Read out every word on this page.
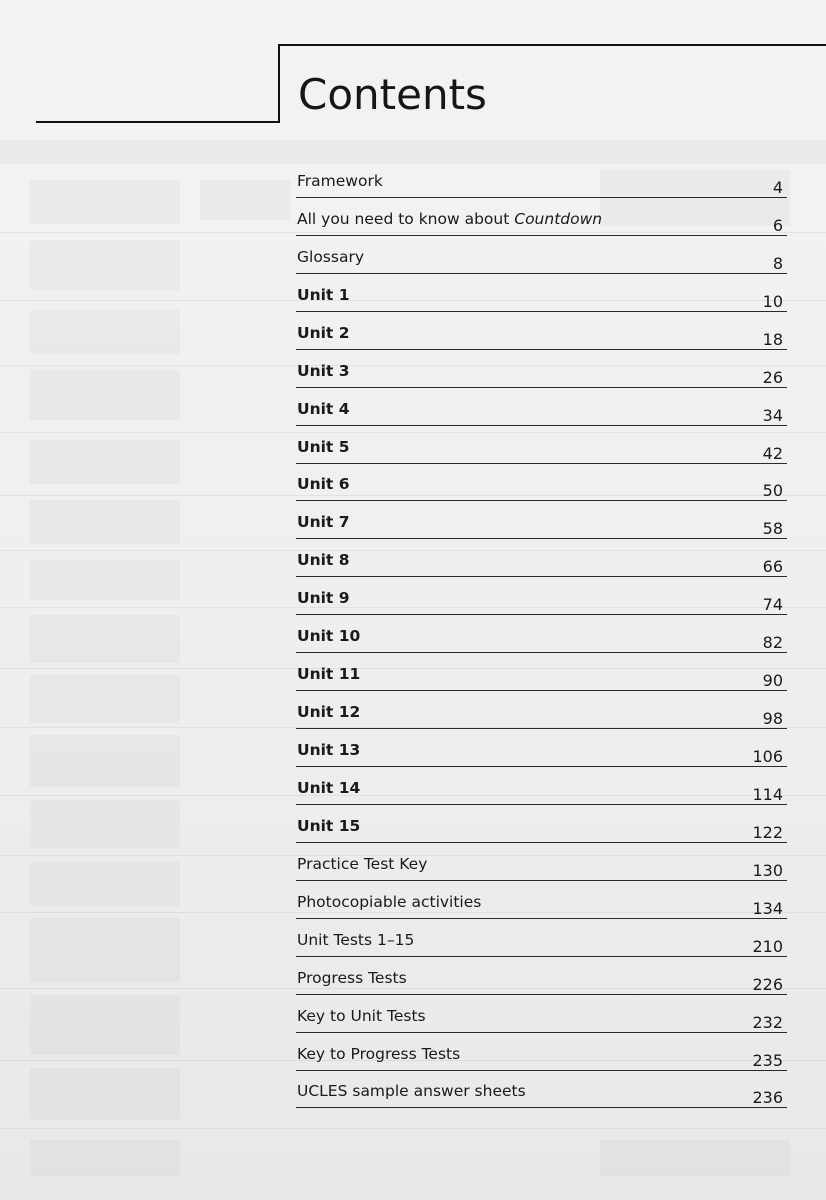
Contents
Framework	4
All you need to know about Countdown	6
Glossary	8
Unit 1	10
Unit 2	18
Unit 3	26
Unit 4	34
Unit 5	42
Unit 6	50
Unit 7	58
Unit 8	66
Unit 9	74
Unit 10	82
Unit 11	90
Unit 12	98
Unit 13	106
Unit 14	114
Unit 15	122
Practice Test Key	130
Photocopiable activities	134
Unit Tests 1–15	210
Progress Tests	226
Key to Unit Tests	232
Key to Progress Tests	235
UCLES sample answer sheets	236
